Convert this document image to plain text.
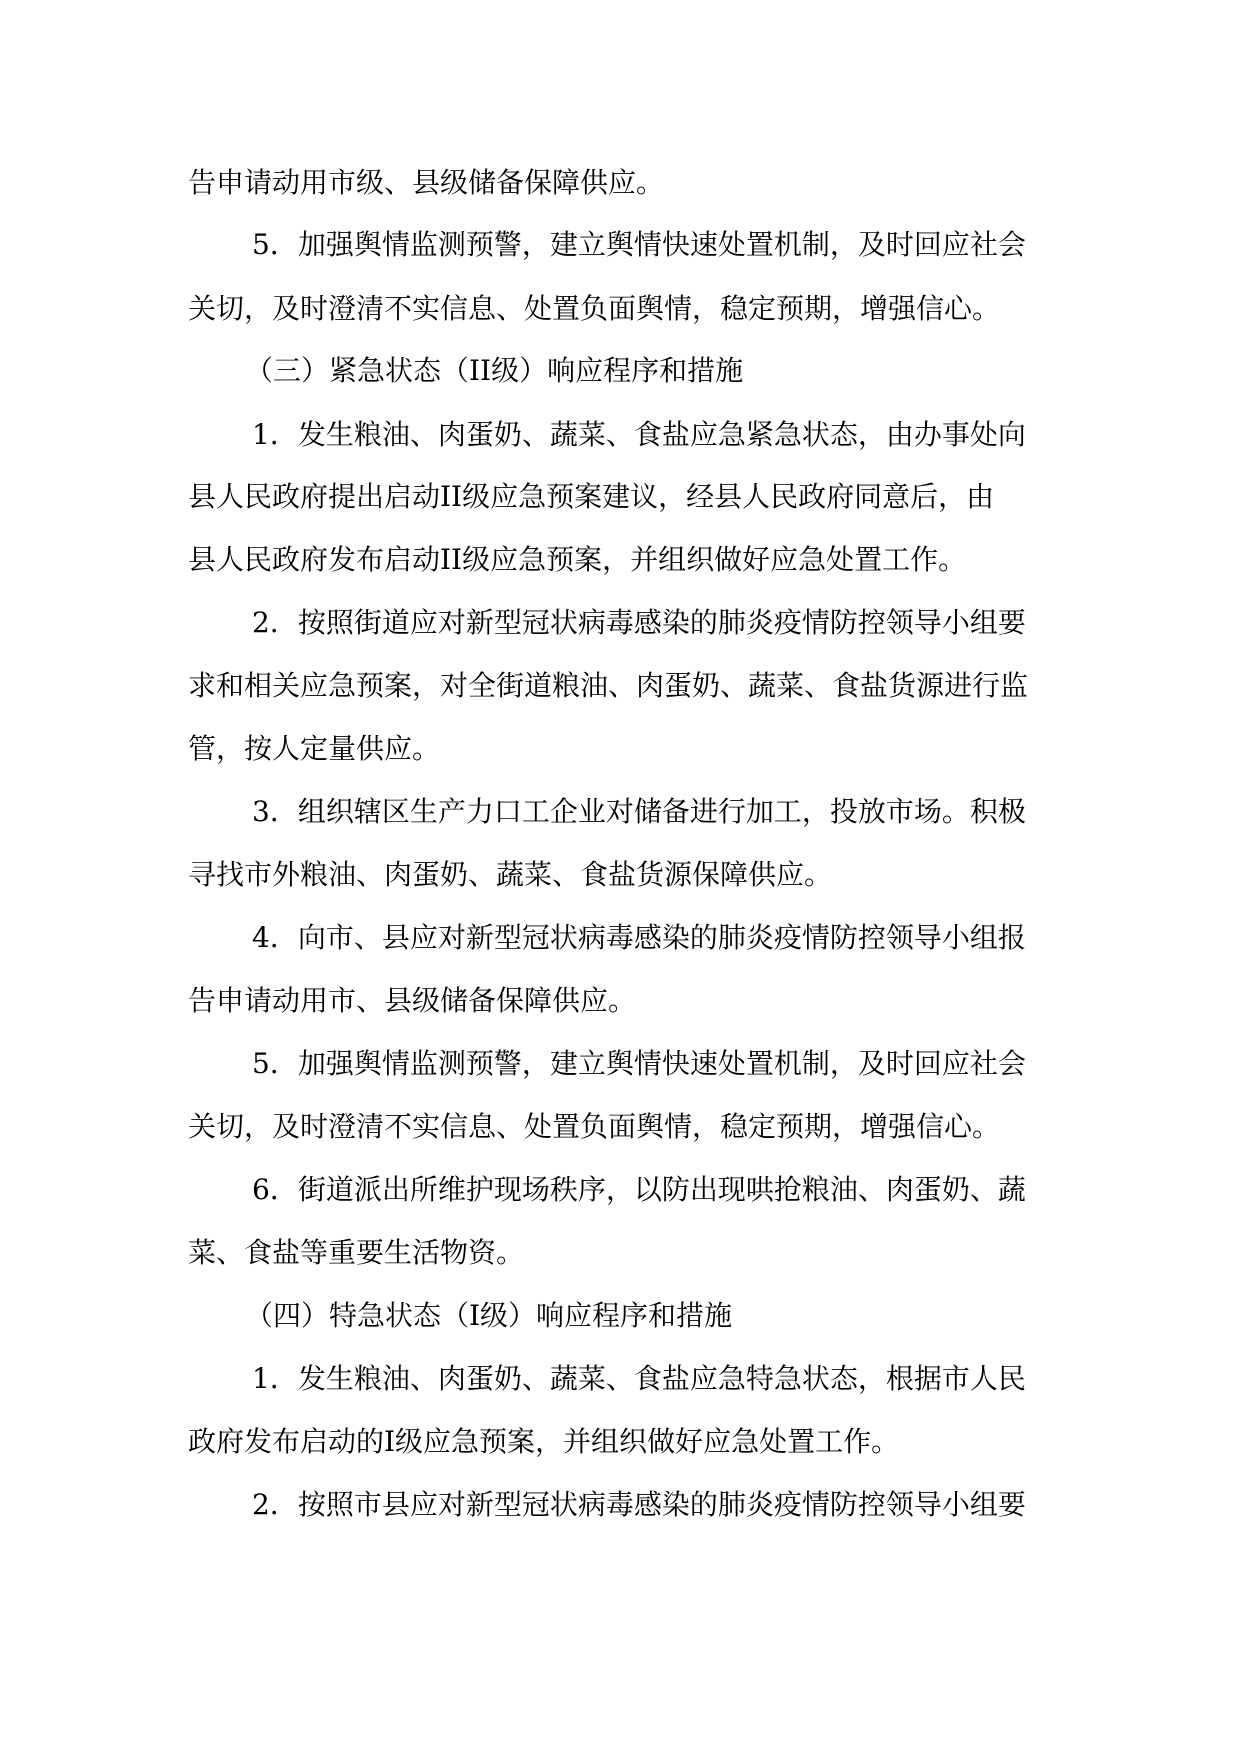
告申请动用市级、县级储备保障供应。
5．加强舆情监测预警，建立舆情快速处置机制，及时回应社会
关切，及时澄清不实信息、处置负面舆情，稳定预期，增强信心。
（三）紧急状态（II级）响应程序和措施
1．发生粮油、肉蛋奶、蔬菜、食盐应急紧急状态，由办事处向
县人民政府提出启动II级应急预案建议，经县人民政府同意后，由
县人民政府发布启动II级应急预案，并组织做好应急处置工作。
2．按照街道应对新型冠状病毒感染的肺炎疫情防控领导小组要
求和相关应急预案，对全街道粮油、肉蛋奶、蔬菜、食盐货源进行监
管，按人定量供应。
3．组织辖区生产力口工企业对储备进行加工，投放市场。积极
寻找市外粮油、肉蛋奶、蔬菜、食盐货源保障供应。
4．向市、县应对新型冠状病毒感染的肺炎疫情防控领导小组报
告申请动用市、县级储备保障供应。
5．加强舆情监测预警，建立舆情快速处置机制，及时回应社会
关切，及时澄清不实信息、处置负面舆情，稳定预期，增强信心。
6．街道派出所维护现场秩序，以防出现哄抢粮油、肉蛋奶、蔬
菜、食盐等重要生活物资。
（四）特急状态（I级）响应程序和措施
1．发生粮油、肉蛋奶、蔬菜、食盐应急特急状态，根据市人民
政府发布启动的I级应急预案，并组织做好应急处置工作。
2．按照市县应对新型冠状病毒感染的肺炎疫情防控领导小组要
